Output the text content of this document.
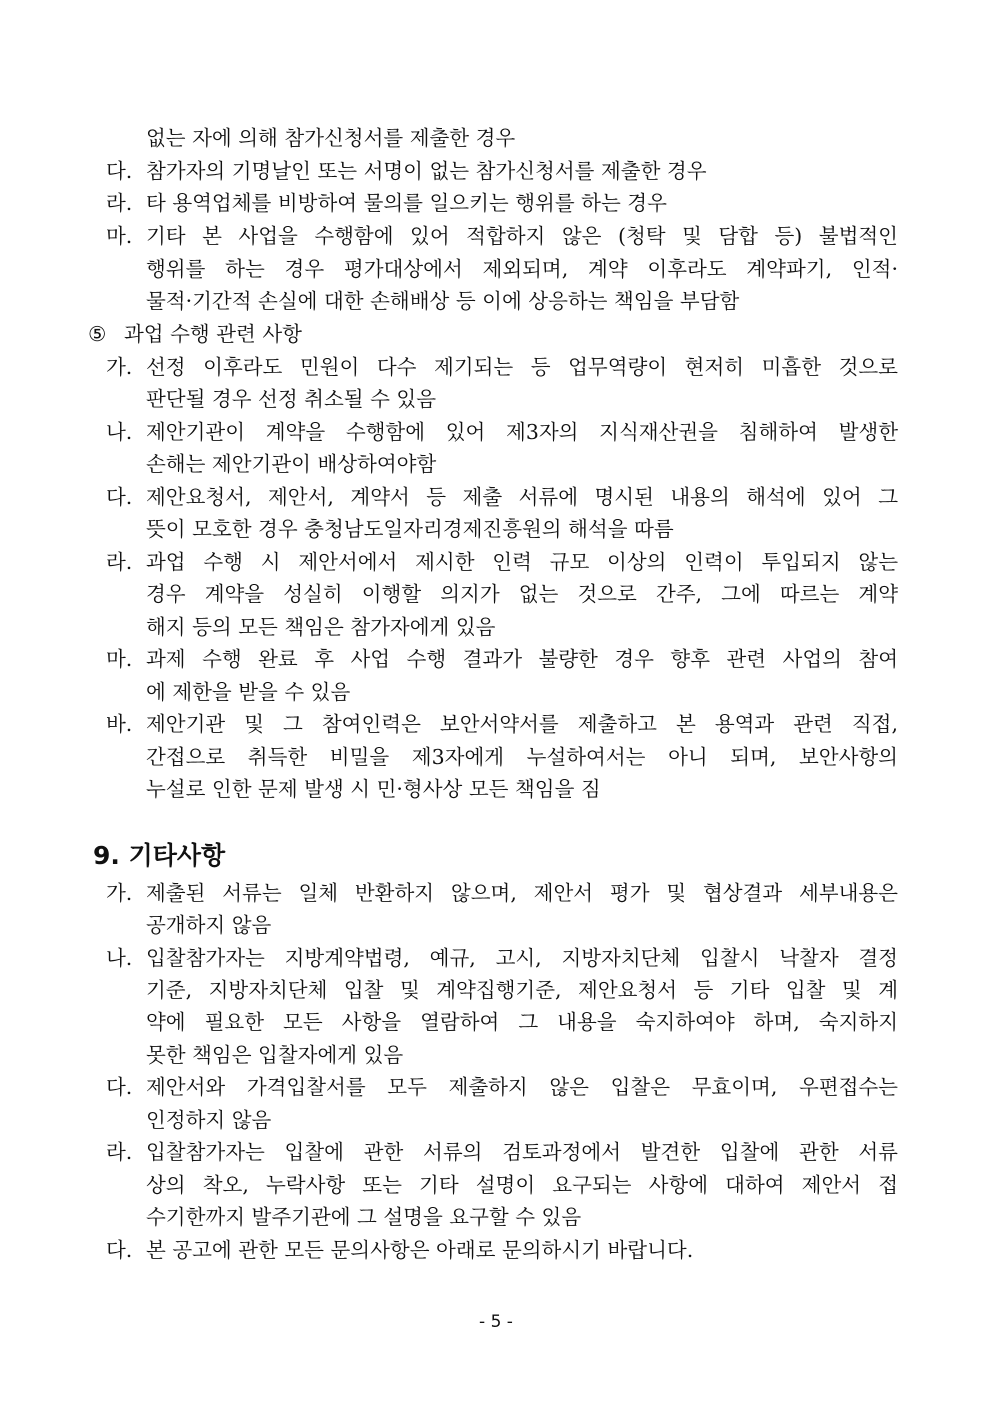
없는 자에 의해 참가신청서를 제출한 경우
다. 참가자의 기명날인 또는 서명이 없는 참가신청서를 제출한 경우
라. 타 용역업체를 비방하여 물의를 일으키는 행위를 하는 경우
마. 기타 본 사업을 수행함에 있어 적합하지 않은 (청탁 및 담합 등) 불법적인
행위를 하는 경우 평가대상에서 제외되며, 계약 이후라도 계약파기, 인적·
물적·기간적 손실에 대한 손해배상 등 이에 상응하는 책임을 부담함
⑤ 과업 수행 관련 사항
가. 선정 이후라도 민원이 다수 제기되는 등 업무역량이 현저히 미흡한 것으로
판단될 경우 선정 취소될 수 있음
나. 제안기관이 계약을 수행함에 있어 제3자의 지식재산권을 침해하여 발생한
손해는 제안기관이 배상하여야함
다. 제안요청서, 제안서, 계약서 등 제출 서류에 명시된 내용의 해석에 있어 그
뜻이 모호한 경우 충청남도일자리경제진흥원의 해석을 따름
라. 과업 수행 시 제안서에서 제시한 인력 규모 이상의 인력이 투입되지 않는
경우 계약을 성실히 이행할 의지가 없는 것으로 간주, 그에 따르는 계약
해지 등의 모든 책임은 참가자에게 있음
마. 과제 수행 완료 후 사업 수행 결과가 불량한 경우 향후 관련 사업의 참여
에 제한을 받을 수 있음
바. 제안기관 및 그 참여인력은 보안서약서를 제출하고 본 용역과 관련 직접,
간접으로 취득한 비밀을 제3자에게 누설하여서는 아니 되며, 보안사항의
누설로 인한 문제 발생 시 민·형사상 모든 책임을 짐
9. 기타사항
가. 제출된 서류는 일체 반환하지 않으며, 제안서 평가 및 협상결과 세부내용은
공개하지 않음
나. 입찰참가자는 지방계약법령, 예규, 고시, 지방자치단체 입찰시 낙찰자 결정
기준, 지방자치단체 입찰 및 계약집행기준, 제안요청서 등 기타 입찰 및 계
약에 필요한 모든 사항을 열람하여 그 내용을 숙지하여야 하며, 숙지하지
못한 책임은 입찰자에게 있음
다. 제안서와 가격입찰서를 모두 제출하지 않은 입찰은 무효이며, 우편접수는
인정하지 않음
라. 입찰참가자는 입찰에 관한 서류의 검토과정에서 발견한 입찰에 관한 서류
상의 착오, 누락사항 또는 기타 설명이 요구되는 사항에 대하여 제안서 접
수기한까지 발주기관에 그 설명을 요구할 수 있음
다. 본 공고에 관한 모든 문의사항은 아래로 문의하시기 바랍니다.
- 5 -
